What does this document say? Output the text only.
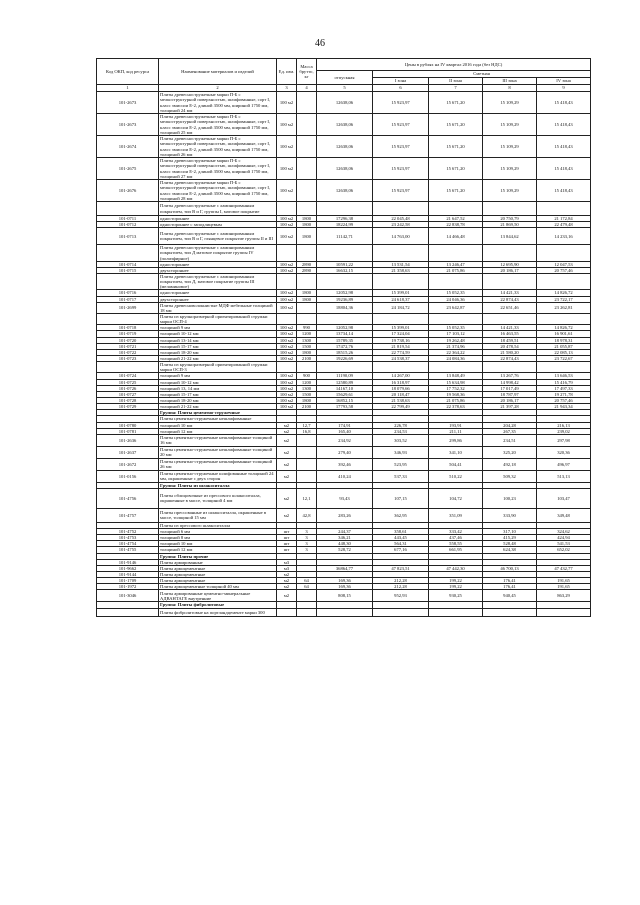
46
Код ОКП, код ресурса	Наименование материалов и изделий	Ед. изм.	Масса брутто, кг	Цены в рублях на IV квартал 2016 года (без НДС)				
				отпускная	Сметная			
					I зона	II зона	III зона	IV зона
1	2	3	4	5	6	7	8	9
101-2673	Плиты древесностружечные марки П-Б с мелкоструктурной поверхностью, шлифованные, сорт I, класс эмиссии Е-2, длиной 3500 мм, шириной 1750 мм, толщиной 24 мм	100 м2		12638,06	15 923,97	15 671,20	15 109,29	15 418,43
101-2673	Плиты древесностружечные марки П-Б с мелкоструктурной поверхностью, шлифованные, сорт I, класс эмиссии Е-2, длиной 3500 мм, шириной 1750 мм, толщиной 25 мм	100 м2		12638,06	15 923,97	15 671,20	15 109,29	15 418,43
101-2674	Плиты древесностружечные марки П-Б с мелкоструктурной поверхностью, шлифованные, сорт I, класс эмиссии Е-2, длиной 3500 мм, шириной 1750 мм, толщиной 26 мм	100 м2		12638,06	15 923,97	15 671,20	15 109,29	15 418,43
101-2675	Плиты древесностружечные марки П-Б с мелкоструктурной поверхностью, шлифованные, сорт I, класс эмиссии Е-2, длиной 3500 мм, шириной 1750 мм, толщиной 27 мм	100 м2		12638,06	15 923,97	15 671,20	15 109,29	15 418,43
101-2676	Плиты древесностружечные марки П-Б с мелкоструктурной поверхностью, шлифованные, сорт I, класс эмиссии Е-2, длиной 3500 мм, шириной 1750 мм, толщиной 28 мм	100 м2		12638,06	15 923,97	15 671,20	15 109,29	15 418,43
	Плиты древесностружечные с ламинированным покрытием, тип В и Г, группы I, матовое покрытие							
101-0711	одностороннее	100 м2	1800	17296,38	22 045,48	21 647,52	20 750,79	21 172,84
101-0712	одностороннее с заподлицевым	100 м2	1800	18224,99	23 242,58	22 838,78	21 869,50	22 479,48
101-0713	Плиты древесностружечные с ламинированным покрытием, тип В и Г, глянцевое покрытие группы II и III	100 м2	1800	11142,71	14 763,00	14 466,48	13 844,62	14 233,16
	Плиты древесностружечные с ламинированным покрытием, тип Д матовое покрытие группы IV (полиэфирное)							
101-0714	одностороннее	100 м2	2890	10591,22	13 531,54	13 246,47	12 695,90	12 047,53
101-0715	двухстороннее	100 м2	2890	16632,15	21 358,63	21 075,86	20 186,17	20 757,46
	Плиты древесностружечные с ламинированным покрытием, тип Д, матовое покрытие группы III (меламиновое)							
101-0716	одностороннее	100 м2	1800	12052,98	15 399,01	15 052,35	14 421,33	14 826,72
101-0717	двухстороннее	100 м2	1800	19236,89	24 618,37	24 046,36	22 874,43	23 722,17
101-2699	Плиты древесноволокнистые МДФ мебельные толщиной 18 мм	100 м2		18804,36	24 184,72	23 642,87	22 651,46	23 262,81
	Плиты из крупноразмерной ориентированной стружки марки ОСП-4							
101-0718	толщиной 9 мм	100 м2	990	12052,98	15 399,01	15 052,35	14 421,33	14 826,72
101-0719	толщиной 10-12 мм	100 м2	1200	13734,14	17 324,04	17 103,12	16 463,55	16 901,61
101-0720	толщиной 13-14 мм	100 м2	1300	15789,35	19 738,16	19 262,48	18 459,51	18 978,31
101-0721	толщиной 15-17 мм	100 м2	1500	17472,76	21 819,54	21 374,96	20 478,54	21 055,87
101-0722	толщиной 18-20 мм	100 м2	1800	18515,26	22 774,59	22 364,22	21 580,20	22 085,13
101-0723	толщиной 21-22 мм	100 м2	2100	19226,69	24 538,37	24 084,36	22 874,43	23 722,67
	Плиты из крупноразмерной ориентированной стружки марки ОСП-3							
101-0724	толщиной 9 мм	100 м2	900	11190,09	14 267,00	13 848,49	13 267,76	13 646,53
101-0725	толщиной 10-12 мм	100 м2	1200	12580,89	16 318,97	15 634,98	14 998,42	15 416,79
101-0726	толщиной 13, 14 мм	100 м2	1300	14167,10	18 079,66	17 752,32	17 017,49	17 497,33
101-0727	толщиной 15-17 мм	100 м2	1500	15629,61	20 118,47	19 568,36	18 787,97	19 271,78
101-0728	толщиной 18-20 мм	100 м2	1800	16852,15	21 538,63	21 075,86	20 186,17	20 757,46
101-0729	толщиной 21-22 мм	100 м2	2100	17793,58	22 799,49	22 378,63	21 397,28	21 943,34
	Группа: Плиты цементно-стружечные							
	Плиты цементно-стружечные нешлифованные							
101-0780	толщиной 10 мм	м2	12,7	174,91	226,78	193,91	204,28	216,13
101-0781	толщиной 12 мм	м2	16,8	165,40	234,53	211,11	267,35	239,02
101-2636	Плиты цементно-стружечные нешлифованные толщиной 16 мм	м2		234,92	303,52	299,86	234,51	297,98
101-2637	Плиты цементно-стружечные нешлифованные толщиной 20 мм	м2		279,40	346,93	341,10	325,20	320,36
101-2672	Плиты цементно-стружечные нешлифованные толщиной 26 мм	м2		392,46	523,95	504,41	492,18	496,97
101-0156	Плиты цементно-стружечные шлифованные толщиной 24 мм, окрашенные с двух сторон	м2		410,24	537,33	510,22	509,32	513,13
	Группа: Плиты из шлакоситалла							
101-4756	Плиты облицовочные из прессового шлакоситалла, окрашенные в массе, толщиной 4 мм	м2	12,1	93,43	107,15	104,72	100,23	103,47
101-4757	Плиты прессованные из шлакоситалла, окрашенные в массе, толщиной 15 мм	м2	42,8	283,26	362,95	351,09	333,90	349,48
	Плиты из прессового шлакоситалла							
101-4752	толщиной 6 мм	шт	3	244,37	358,61	333,42	317,10	324,62
101-4753	толщиной 8 мм	шт	3	346,21	443,45	437,46	415,29	424,94
101-4754	толщиной 10 мм	шт	3	448,30	564,31	558,55	528,48	541,53
101-4755	толщиной 12 мм	шт	3	528,72	677,16	661,95	624,38	652,02
	Группа: Плиты прочие							
101-9146	Плиты армированные	м3						
101-9662	Плиты армоцементные	м3		36864,77	47 823,51	47 442,30	46 700,13	47 432,77
101-9144	Плиты армоцементные	м2						
101-1709	Плиты армоцементные	м2	64	169,36	212,28	199,22	176,41	191,65
101-1972	Плиты армоцементные толщиной 40 мм	м2	64	169,36	212,28	199,22	176,41	191,65
101-3046	Плиты армированные цементно-минеральные АДВАНТАГЕ внутренние	м2		808,15	952,93	930,25	940,45	863,29
	Группа: Плиты фибролитовые							
	Плиты фибролитовые на портландцементе марки 300							
